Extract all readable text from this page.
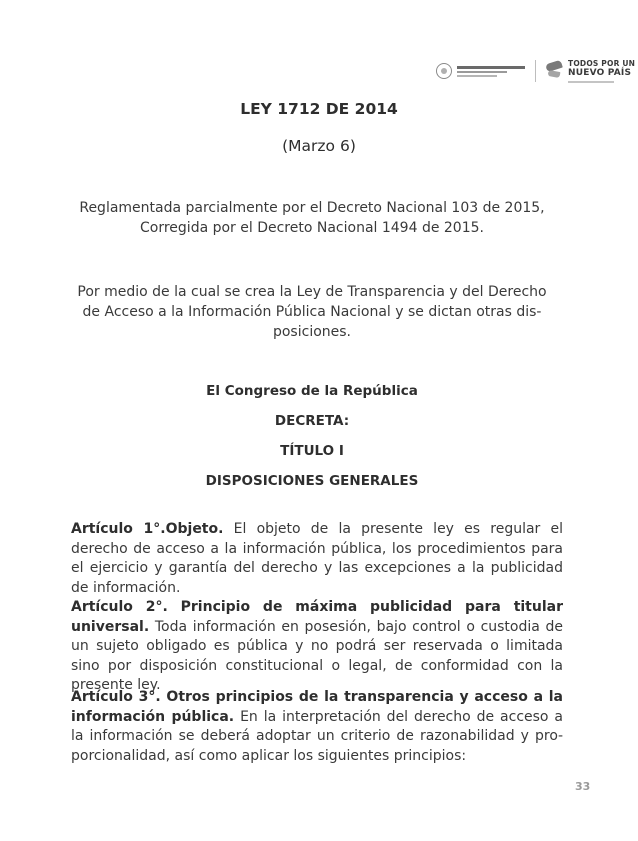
TODOS POR UN
NUEVO PAÍS
LEY 1712 DE 2014
(Marzo 6)
Reglamentada parcialmente por el Decreto Nacional 103 de 2015,
Corregida por el Decreto Nacional 1494 de 2015.
Por medio de la cual se crea la Ley de Transparencia y del Derecho
de Acceso a la Información Pública Nacional y se dictan otras dis-
posiciones.
El Congreso de la República
DECRETA:
TÍTULO I
DISPOSICIONES GENERALES
Artículo 1°.Objeto. El objeto de la presente ley es regular el derecho de acceso a la información pública, los procedimientos para el ejercicio y garantía del derecho y las excepciones a la publicidad de información.
Artículo 2°. Principio de máxima publicidad para titular universal. Toda información en posesión, bajo control o custodia de un sujeto obligado es pública y no podrá ser reservada o limitada sino por disposición constitucional o legal, de conformidad con la presente ley.
Artículo 3°. Otros principios de la transparencia y acceso a la información pública. En la interpretación del derecho de acceso a la información se deberá adoptar un criterio de razonabilidad y proporcionalidad, así como aplicar los siguientes principios:
33
